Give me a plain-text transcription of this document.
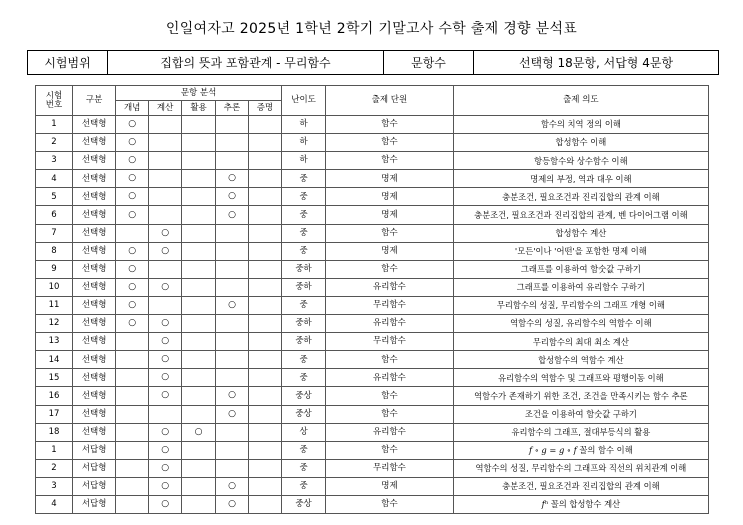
인일여자고 2025년 1학년 2학기 기말고사 수학 출제 경향 분석표
시험범위	집합의 뜻과 포함관계 - 무리함수	문항수	선택형 18문항, 서답형 4문항
시험
번호	구분	문항 분석					난이도	출제 단원	출제 의도
		개념	계산	활용	추론	증명			
1	선택형	○					하	함수	함수의 치역 정의 이해
2	선택형	○					하	함수	합성함수 이해
3	선택형	○					하	함수	항등함수와 상수함수 이해
4	선택형	○			○		중	명제	명제의 부정, 역과 대우 이해
5	선택형	○			○		중	명제	충분조건, 필요조건과 진리집합의 관계 이해
6	선택형	○			○		중	명제	충분조건, 필요조건과 진리집합의 관계, 벤 다이어그램 이해
7	선택형		○				중	함수	합성함수 계산
8	선택형	○	○				중	명제	'모든'이나 '어떤'을 포함한 명제 이해
9	선택형	○					중하	함수	그래프를 이용하여 함숫값 구하기
10	선택형	○	○				중하	유리함수	그래프를 이용하여 유리함수 구하기
11	선택형	○			○		중	무리함수	무리함수의 성질, 무리함수의 그래프 개형 이해
12	선택형	○	○				중하	유리함수	역함수의 성질, 유리함수의 역함수 이해
13	선택형		○				중하	무리함수	무리함수의 최대 최소 계산
14	선택형		○				중	함수	합성함수의 역함수 계산
15	선택형		○				중	유리함수	유리함수의 역함수 및 그래프와 평행이동 이해
16	선택형		○		○		중상	함수	역함수가 존재하기 위한 조건, 조건을 만족시키는 함수 추론
17	선택형				○		중상	함수	조건을 이용하여 함숫값 구하기
18	선택형		○	○			상	유리함수	유리함수의 그래프, 절대부등식의 활용
1	서답형		○				중	함수	f ∘ g = g ∘ f 꼴의 함수 이해
2	서답형		○				중	무리함수	역함수의 성질, 무리함수의 그래프와 직선의 위치관계 이해
3	서답형		○		○		중	명제	충분조건, 필요조건과 진리집합의 관계 이해
4	서답형		○		○		중상	함수	fⁿ 꼴의 합성함수 계산
